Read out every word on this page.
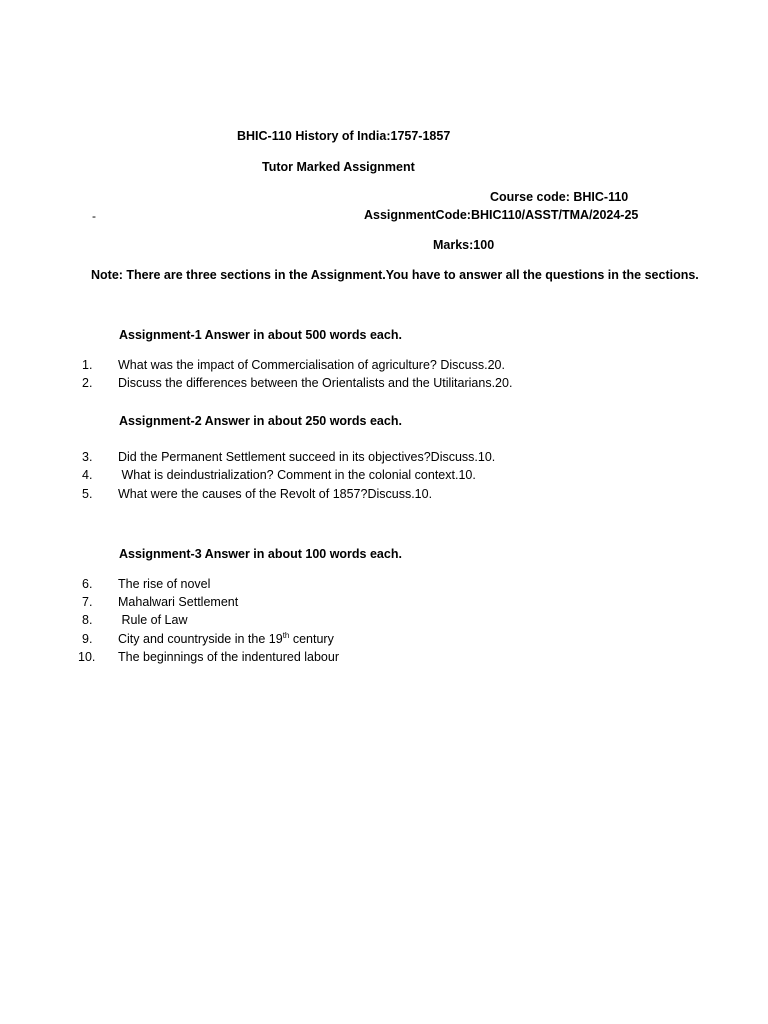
BHIC-110 History of India:1757-1857
Tutor Marked Assignment
Course code: BHIC-110
-	AssignmentCode:BHIC110/ASST/TMA/2024-25
Marks:100
Note: There are three sections in the Assignment.You have to answer all the questions in the sections.
Assignment-1 Answer in about 500 words each.
1. What was the impact of Commercialisation of agriculture? Discuss.20.
2. Discuss the differences between the Orientalists and the Utilitarians.20.
Assignment-2 Answer in about 250 words each.
3. Did the Permanent Settlement succeed in its objectives?Discuss.10.
4. What is deindustrialization? Comment in the colonial context.10.
5. What were the causes of the Revolt of 1857?Discuss.10.
Assignment-3 Answer in about 100 words each.
6. The rise of novel
7. Mahalwari Settlement
8. Rule of Law
9. City and countryside in the 19th century
10. The beginnings of the indentured labour
